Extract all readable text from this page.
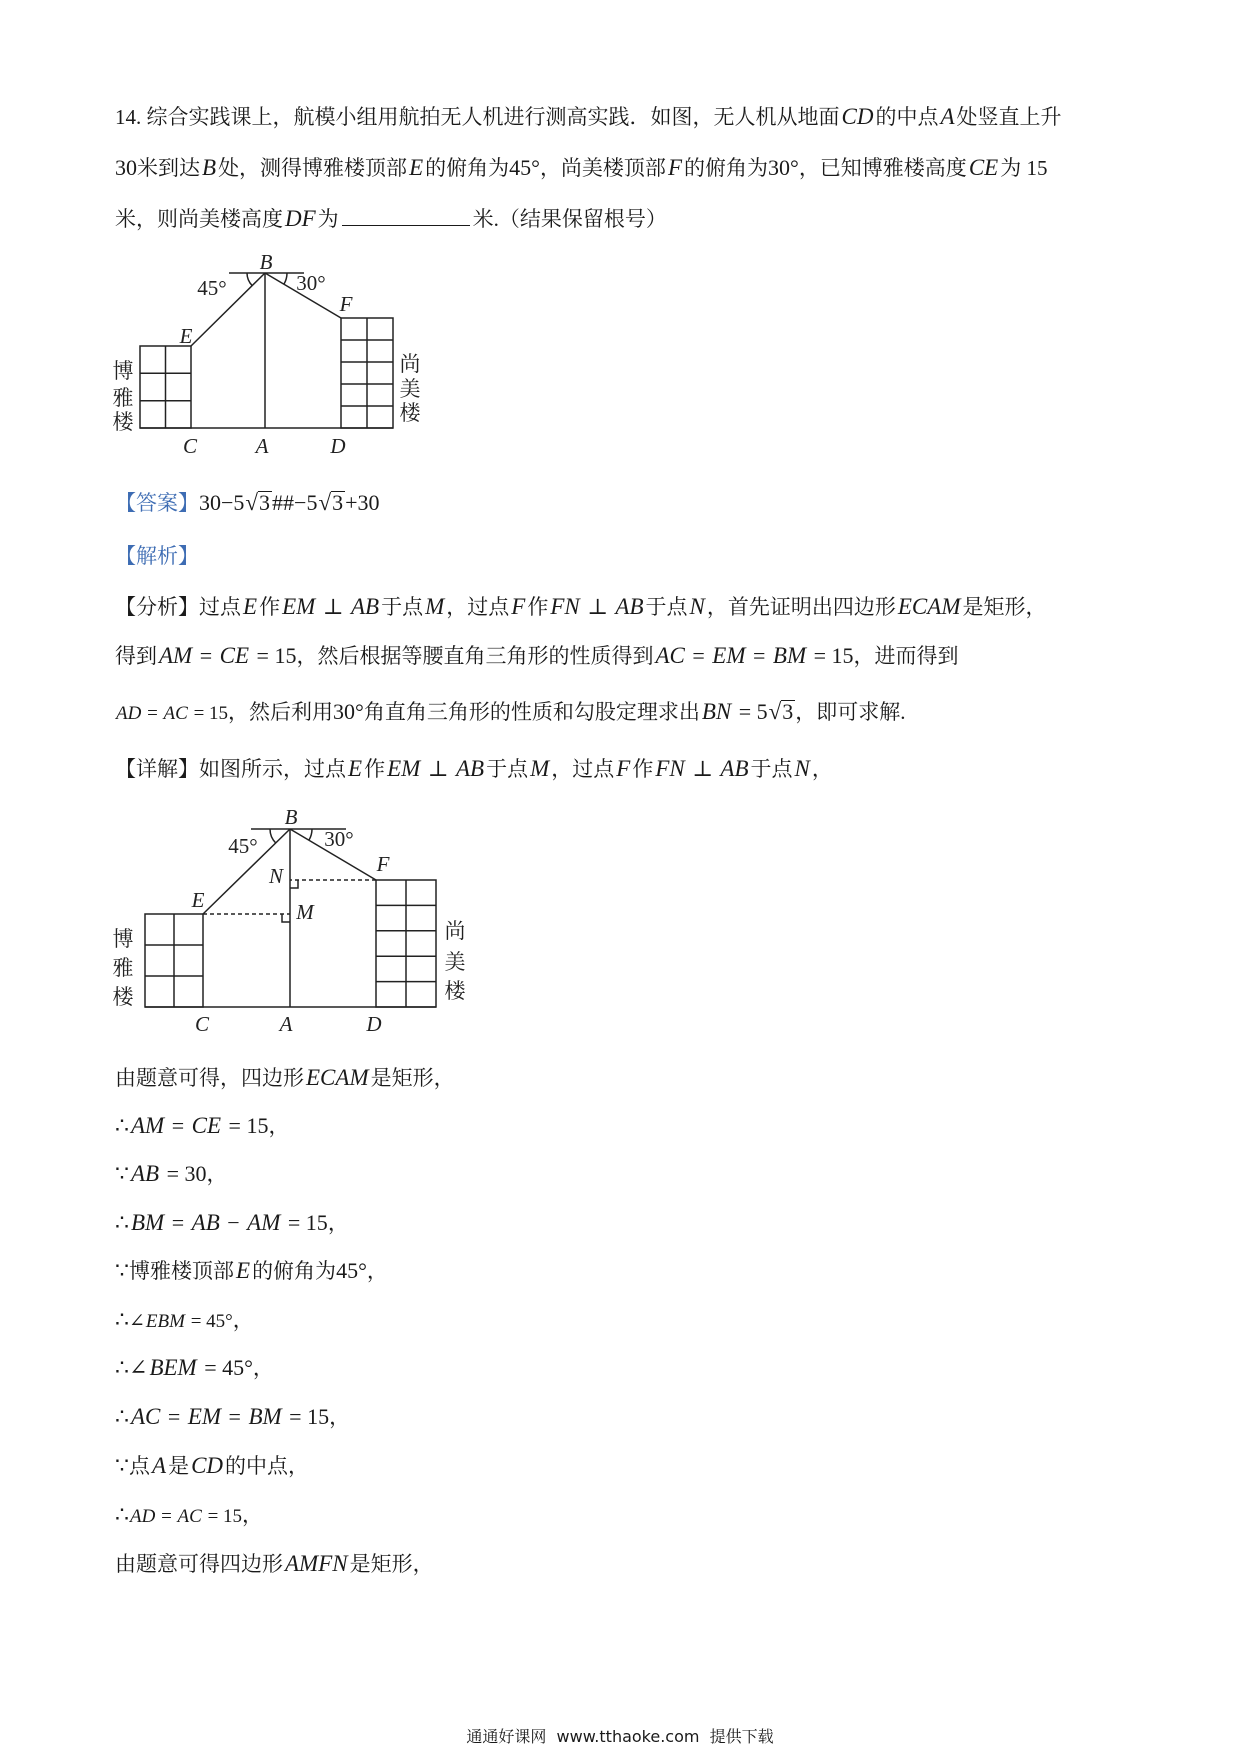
14. 综合实践课上，航模小组用航拍无人机进行测高实践．如图，无人机从地面CD的中点A处竖直上升
30米到达B处，测得博雅楼顶部E的俯角为45°，尚美楼顶部F的俯角为30°，已知博雅楼高度CE为 15
米，则尚美楼高度DF为	米.（结果保留根号）
B
45°	30°
E
F
C	A	D
博
雅
楼
尚
美
楼
【答案】30−5√3##−5√3+30
【解析】
【分析】过点E作EM ⊥ AB于点M，过点F作FN ⊥ AB于点N，首先证明出四边形ECAM是矩形，
得到AM = CE = 15，然后根据等腰直角三角形的性质得到AC = EM = BM = 15，进而得到
AD = AC = 15，然后利用30°角直角三角形的性质和勾股定理求出BN = 5√3，即可求解.
【详解】如图所示，过点E作EM ⊥ AB于点M，过点F作FN ⊥ AB于点N，
B
45°	30°
E
F
N
M
C	A	D
博
雅
楼
尚
美
楼
由题意可得，四边形ECAM是矩形，
∴AM = CE = 15，
∵AB = 30，
∴BM = AB − AM = 15，
∵博雅楼顶部E的俯角为45°，
∴∠EBM = 45°，
∴∠BEM = 45°，
∴AC = EM = BM = 15，
∵点A是CD的中点，
∴AD = AC = 15，
由题意可得四边形AMFN是矩形，
通通好课网  www.tthaoke.com  提供下载
